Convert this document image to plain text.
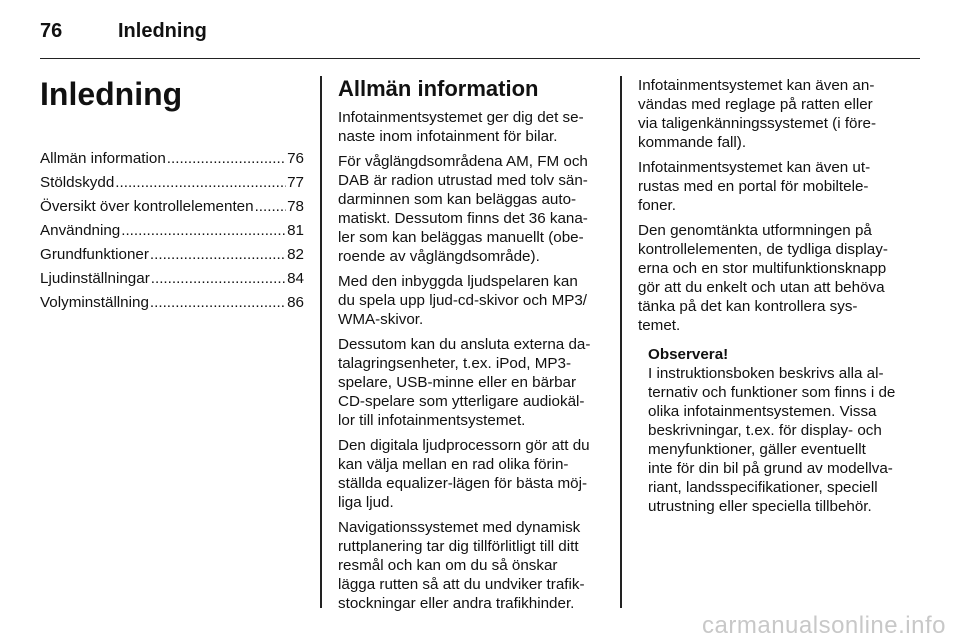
76	Inledning
Inledning
Allmän information .....	76
Stöldskydd .....	77
Översikt över kontrollelementen ..... 78
Användning .....	81
Grundfunktioner .....	82
Ljudinställningar .....	84
Volyminställning .....	86
Allmän information

Infotainmentsystemet ger dig det se-
naste inom infotainment för bilar.

För våglängdsområdena AM, FM och
DAB är radion utrustad med tolv sän-
darminnen som kan beläggas auto-
matiskt. Dessutom finns det 36 kana-
ler som kan beläggas manuellt (obe-
roende av våglängdsområde).

Med den inbyggda ljudspelaren kan
du spela upp ljud-cd-skivor och MP3/
WMA-skivor.

Dessutom kan du ansluta externa da-
talagringsenheter, t.ex. iPod, MP3-
spelare, USB-minne eller en bärbar
CD-spelare som ytterligare audiokäl-
lor till infotainmentsystemet.

Den digitala ljudprocessorn gör att du
kan välja mellan en rad olika förin-
ställda equalizer-lägen för bästa möj-
liga ljud.

Navigationssystemet med dynamisk
ruttplanering tar dig tillförlitligt till ditt
resmål och kan om du så önskar
lägga rutten så att du undviker trafik-
stockningar eller andra trafikhinder.

Infotainmentsystemet kan även an-
vändas med reglage på ratten eller
via taligenkänningssystemet (i före-
kommande fall).

Infotainmentsystemet kan även ut-
rustas med en portal för mobiltele-
foner.

Den genomtänkta utformningen på
kontrollelementen, de tydliga display-
erna och en stor multifunktionsknapp
gör att du enkelt och utan att behöva
tänka på det kan kontrollera sys-
temet.

Observera!
I instruktionsboken beskrivs alla al-
ternativ och funktioner som finns i de
olika infotainmentsystemen. Vissa
beskrivningar, t.ex. för display- och
menyfunktioner, gäller eventuellt
inte för din bil på grund av modellva-
riant, landsspecifikationer, speciell
utrustning eller speciella tillbehör.
carmanualsonline.info
